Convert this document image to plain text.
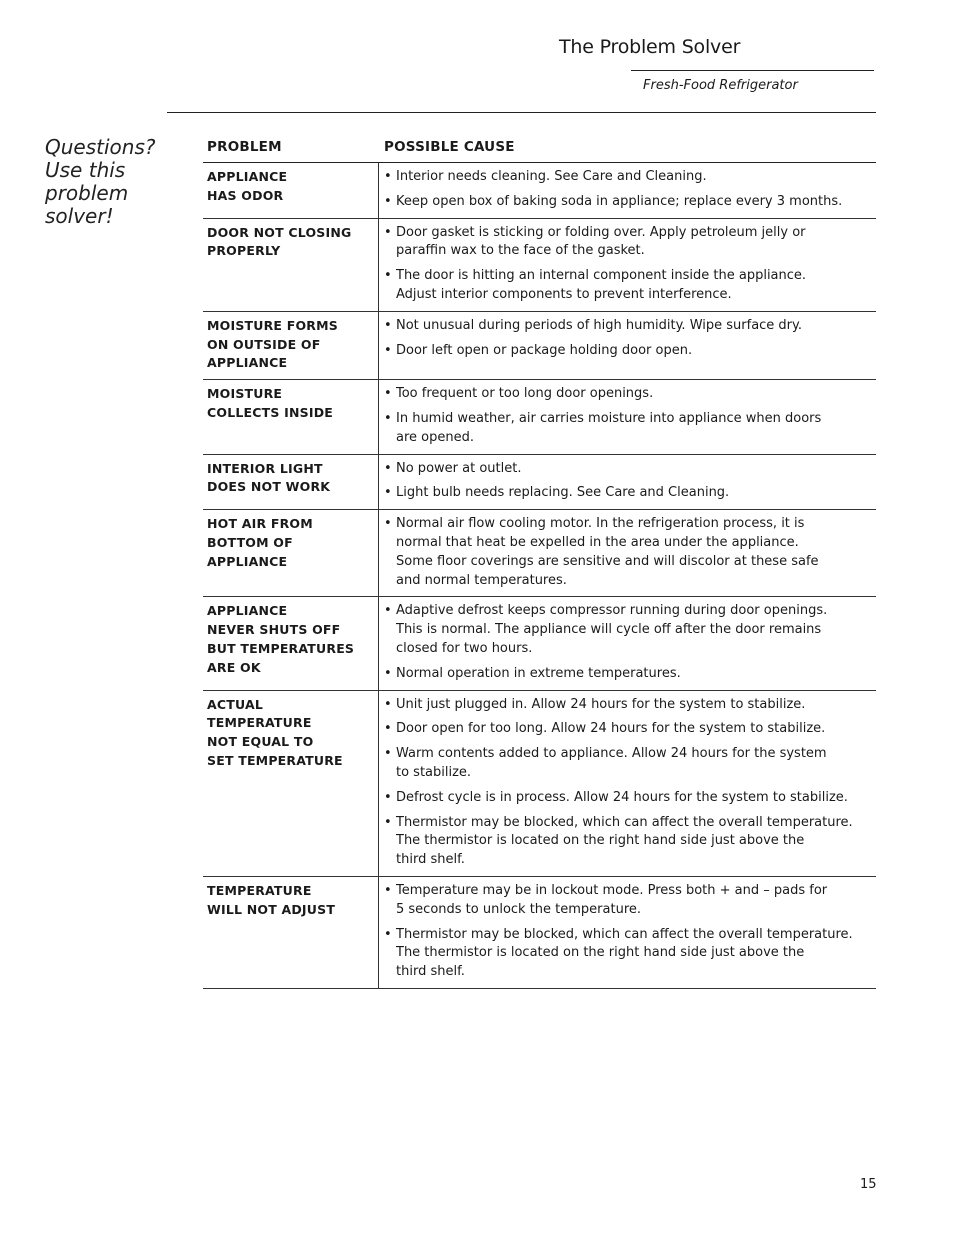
The Problem Solver
Fresh-Food Refrigerator
Questions?
Use this
problem
solver!
PROBLEM	POSSIBLE CAUSE
APPLIANCE
HAS ODOR
• Interior needs cleaning. See Care and Cleaning.
• Keep open box of baking soda in appliance; replace every 3 months.
DOOR NOT CLOSING
PROPERLY
• Door gasket is sticking or folding over. Apply petroleum jelly or
paraffin wax to the face of the gasket.
• The door is hitting an internal component inside the appliance.
Adjust interior components to prevent interference.
MOISTURE FORMS
ON OUTSIDE OF
APPLIANCE
• Not unusual during periods of high humidity. Wipe surface dry.
• Door left open or package holding door open.
MOISTURE
COLLECTS INSIDE
• Too frequent or too long door openings.
• In humid weather, air carries moisture into appliance when doors
are opened.
INTERIOR LIGHT
DOES NOT WORK
• No power at outlet.
• Light bulb needs replacing. See Care and Cleaning.
HOT AIR FROM
BOTTOM OF
APPLIANCE
• Normal air flow cooling motor. In the refrigeration process, it is
normal that heat be expelled in the area under the appliance.
Some floor coverings are sensitive and will discolor at these safe
and normal temperatures.
APPLIANCE
NEVER SHUTS OFF
BUT TEMPERATURES
ARE OK
• Adaptive defrost keeps compressor running during door openings.
This is normal. The appliance will cycle off after the door remains
closed for two hours.
• Normal operation in extreme temperatures.
ACTUAL
TEMPERATURE
NOT EQUAL TO
SET TEMPERATURE
• Unit just plugged in. Allow 24 hours for the system to stabilize.
• Door open for too long. Allow 24 hours for the system to stabilize.
• Warm contents added to appliance. Allow 24 hours for the system
to stabilize.
• Defrost cycle is in process. Allow 24 hours for the system to stabilize.
• Thermistor may be blocked, which can affect the overall temperature.
The thermistor is located on the right hand side just above the
third shelf.
TEMPERATURE
WILL NOT ADJUST
• Temperature may be in lockout mode. Press both + and – pads for
5 seconds to unlock the temperature.
• Thermistor may be blocked, which can affect the overall temperature.
The thermistor is located on the right hand side just above the
third shelf.
15
